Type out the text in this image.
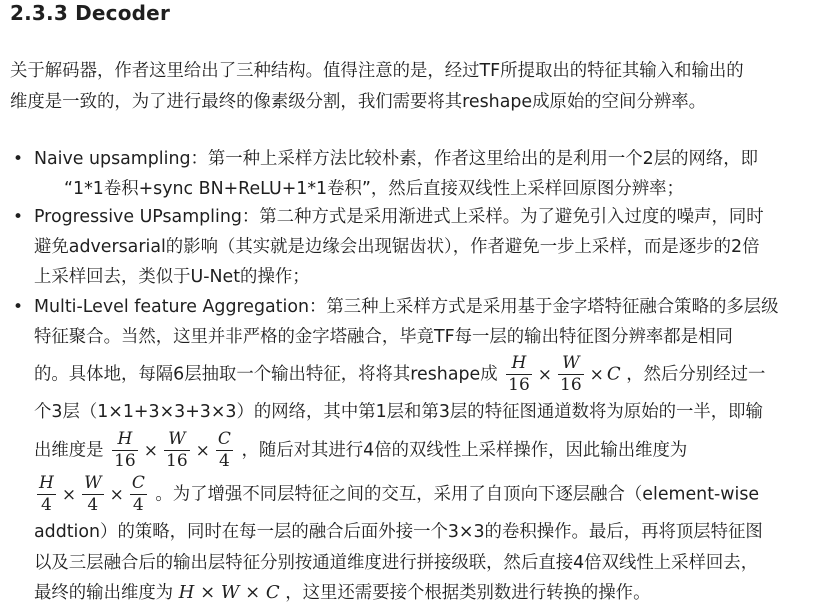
2.3.3 Decoder
关于解码器，作者这里给出了三种结构。值得注意的是，经过TF所提取出的特征其输入和输出的
维度是一致的，为了进行最终的像素级分割，我们需要将其reshape成原始的空间分辨率。
• Naive upsampling：第一种上采样方法比较朴素，作者这里给出的是利用一个2层的网络，即
“1*1卷积+sync BN+ReLU+1*1卷积”，然后直接双线性上采样回原图分辨率；
• Progressive UPsampling：第二种方式是采用渐进式上采样。为了避免引入过度的噪声，同时
避免adversarial的影响（其实就是边缘会出现锯齿状），作者避免一步上采样，而是逐步的2倍
上采样回去，类似于U-Net的操作；
• Multi-Level feature Aggregation：第三种上采样方式是采用基于金字塔特征融合策略的多层级
特征聚合。当然，这里并非严格的金字塔融合，毕竟TF每一层的输出特征图分辨率都是相同
的。具体地，每隔6层抽取一个输出特征，将将其reshape成 $\frac{H}{16} \times \frac{W}{16} \times C$ ，然后分别经过一
个3层（1×1+3×3+3×3）的网络，其中第1层和第3层的特征图通道数将为原始的一半，即输
出维度是 $\frac{H}{16} \times \frac{W}{16} \times \frac{C}{4}$ ，随后对其进行4倍的双线性上采样操作，因此输出维度为
$\frac{H}{4} \times \frac{W}{4} \times \frac{C}{4}$ 。为了增强不同层特征之间的交互，采用了自顶向下逐层融合（element-wise
addtion）的策略，同时在每一层的融合后面外接一个3×3的卷积操作。最后，再将顶层特征图
以及三层融合后的输出层特征分别按通道维度进行拼接级联，然后直接4倍双线性上采样回去，
最终的输出维度为 H × W × C ，这里还需要接个根据类别数进行转换的操作。
